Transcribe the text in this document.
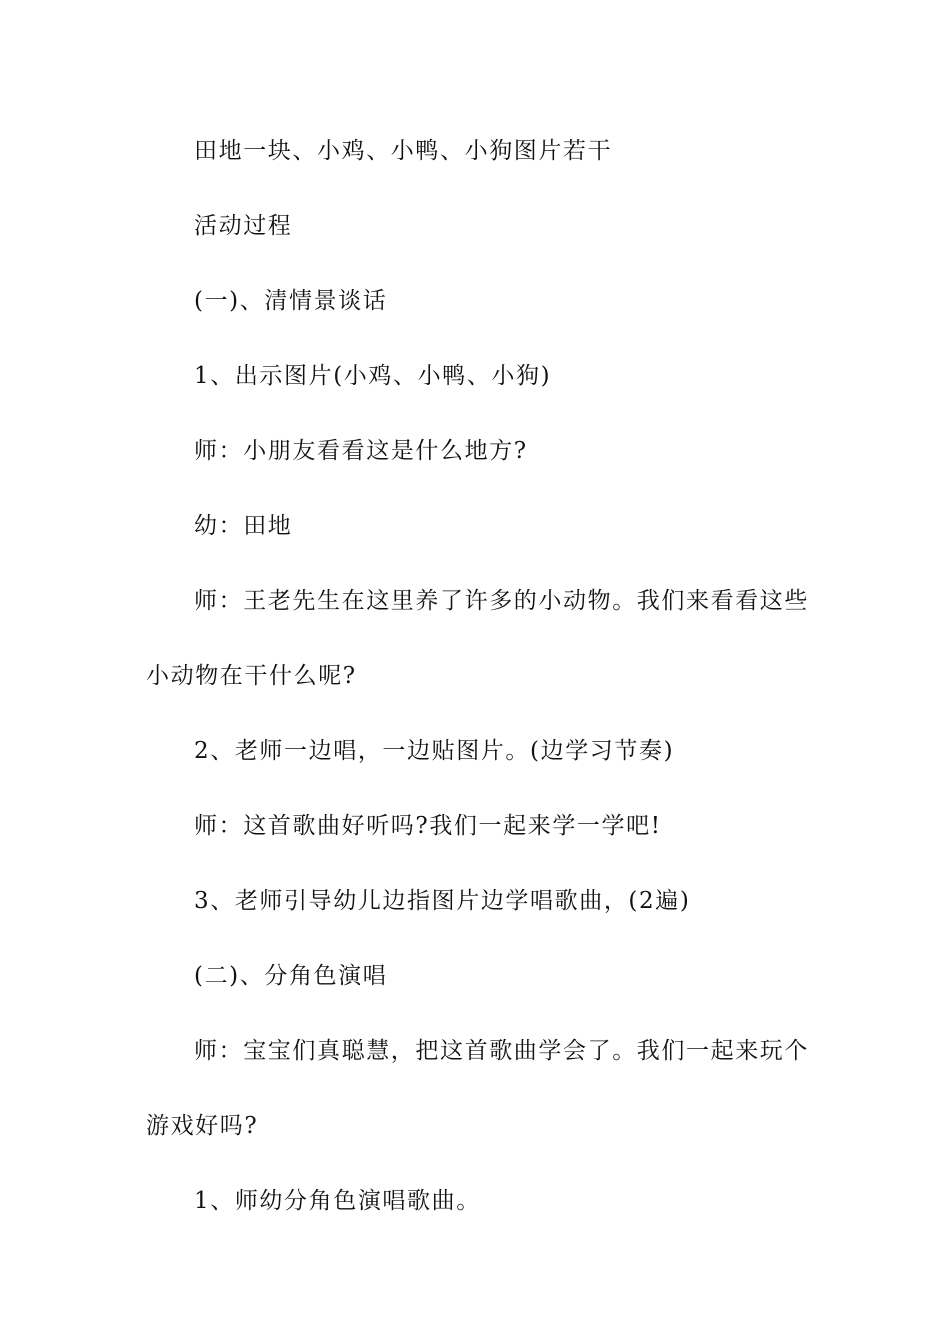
田地一块、小鸡、小鸭、小狗图片若干
活动过程
(一)、清情景谈话
1、出示图片(小鸡、小鸭、小狗)
师：小朋友看看这是什么地方?
幼：田地
师：王老先生在这里养了许多的小动物。我们来看看这些
小动物在干什么呢?
2、老师一边唱，一边贴图片。(边学习节奏)
师：这首歌曲好听吗?我们一起来学一学吧!
3、老师引导幼儿边指图片边学唱歌曲，(2遍)
(二)、分角色演唱
师：宝宝们真聪慧，把这首歌曲学会了。我们一起来玩个
游戏好吗?
1、师幼分角色演唱歌曲。
